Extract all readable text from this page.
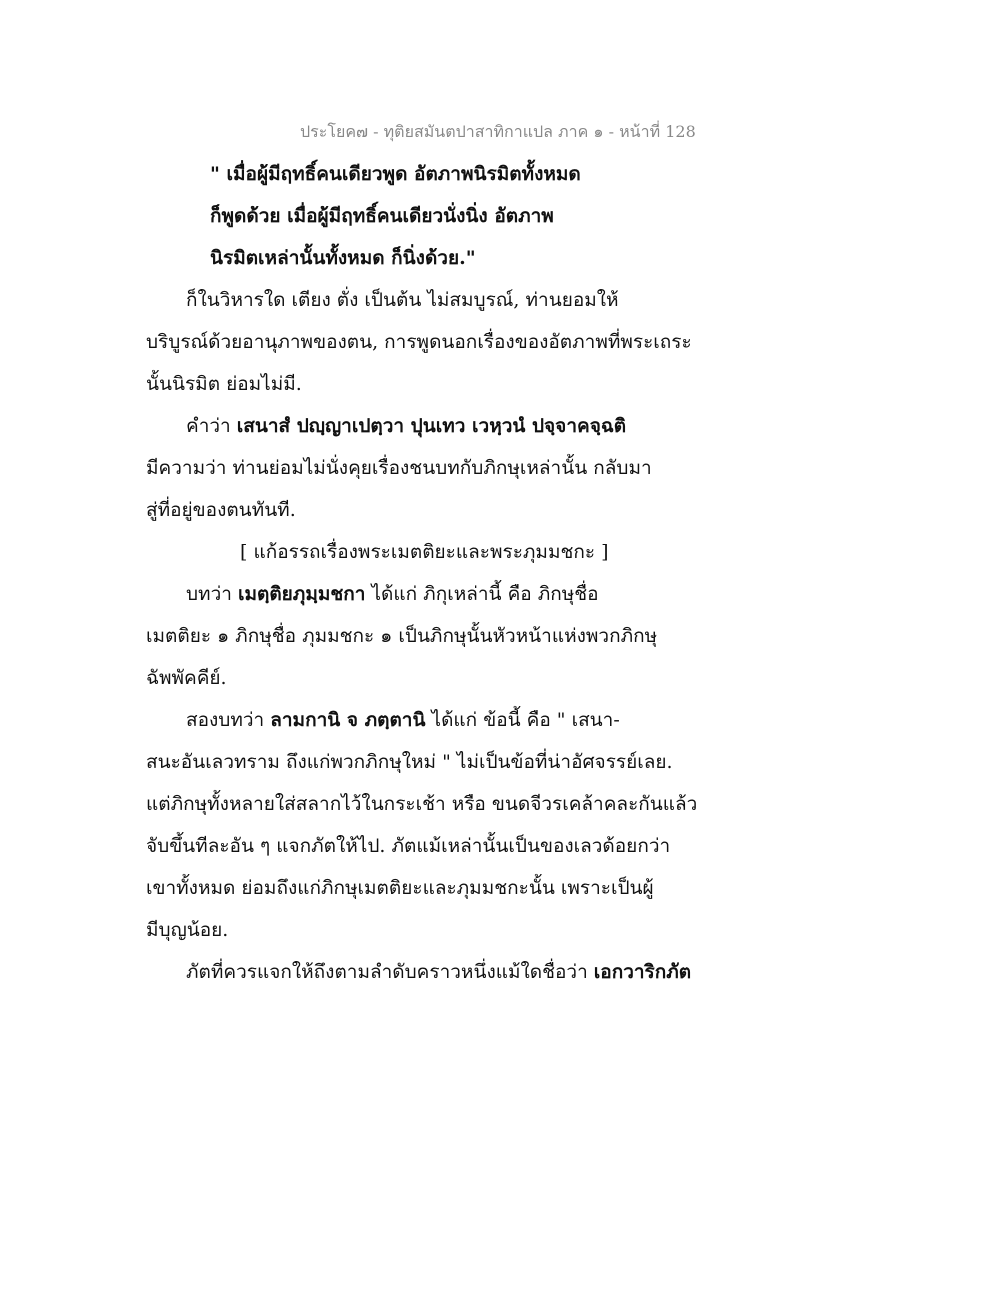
ประโยค๗ - ทุติยสมันตปาสาทิกาแปล ภาค ๑ - หน้าที่ 128
" เมื่อผู้มีฤทธิ์คนเดียวพูด อัตภาพนิรมิตทั้งหมด
ก็พูดด้วย เมื่อผู้มีฤทธิ์คนเดียวนั่งนิ่ง อัตภาพ
นิรมิตเหล่านั้นทั้งหมด ก็นิ่งด้วย."
ก็ในวิหารใด เตียง ตั่ง เป็นต้น ไม่สมบูรณ์, ท่านยอมให้
บริบูรณ์ด้วยอานุภาพของตน, การพูดนอกเรื่องของอัตภาพที่พระเถระ
นั้นนิรมิต ย่อมไม่มี.
คำว่า เสนาสํ ปญฺญาเปตฺวา ปุนเทว เวหฺวนํ ปจฺจาคจฺฉติ
มีความว่า ท่านย่อมไม่นั่งคุยเรื่องชนบทกับภิกษุเหล่านั้น กลับมา
สู่ที่อยู่ของตนทันที.
[ แก้อรรถเรื่องพระเมตติยะและพระภุมมชกะ ]
บทว่า เมตฺติยภุมฺมชกา ได้แก่ ภิกุเหล่านี้ คือ ภิกษุชื่อ
เมตติยะ ๑ ภิกษุชื่อ ภุมมชกะ ๑ เป็นภิกษุนั้นหัวหน้าแห่งพวกภิกษุ
ฉัพพัคคีย์.
สองบทว่า ลามกานิ จ ภตฺตานิ ได้แก่ ข้อนี้ คือ " เสนา-
สนะอันเลวทราม ถึงแก่พวกภิกษุใหม่ " ไม่เป็นข้อที่น่าอัศจรรย์เลย.
แต่ภิกษุทั้งหลายใส่สลากไว้ในกระเช้า หรือ ขนดจีวรเคล้าคละกันแล้ว
จับขึ้นทีละอัน ๆ แจกภัตให้ไป. ภัตแม้เหล่านั้นเป็นของเลวด้อยกว่า
เขาทั้งหมด ย่อมถึงแก่ภิกษุเมตติยะและภุมมชกะนั้น เพราะเป็นผู้
มีบุญน้อย.
ภัตที่ควรแจกให้ถึงตามลำดับคราวหนึ่งแม้ใดชื่อว่า เอกวาริกภัต
